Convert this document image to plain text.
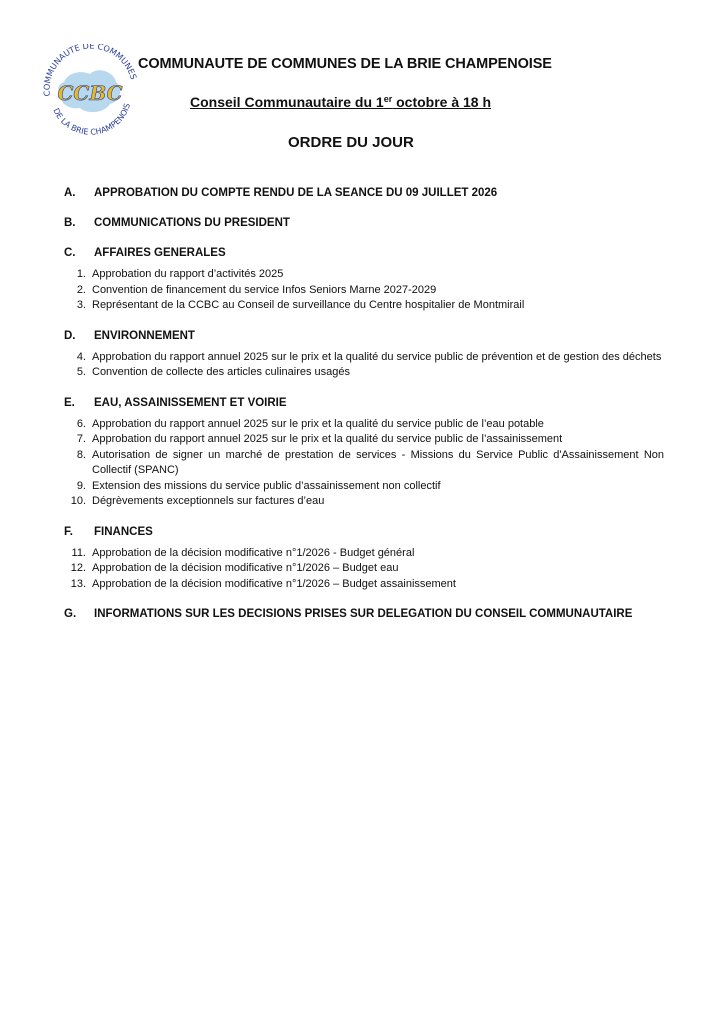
CCBC
COMMUNAUTE DE COMMUNES
DE LA BRIE CHAMPENOIS
COMMUNAUTE DE COMMUNES DE LA BRIE CHAMPENOISE
Conseil Communautaire du 1er octobre à 18 h
ORDRE DU JOUR
A.	APPROBATION DU COMPTE RENDU DE LA SEANCE DU 09 JUILLET 2026
B.	COMMUNICATIONS DU PRESIDENT
C.	AFFAIRES GENERALES
1. Approbation du rapport d’activités 2025
2. Convention de financement du service Infos Seniors Marne 2027-2029
3. Représentant de la CCBC au Conseil de surveillance du Centre hospitalier de Montmirail
D.	ENVIRONNEMENT
4. Approbation du rapport annuel 2025 sur le prix et la qualité du service public de prévention et de gestion des déchets
5. Convention de collecte des articles culinaires usagés
E.	EAU, ASSAINISSEMENT ET VOIRIE
6. Approbation du rapport annuel 2025 sur le prix et la qualité du service public de l’eau potable
7. Approbation du rapport annuel 2025 sur le prix et la qualité du service public de l’assainissement
8. Autorisation de signer un marché de prestation de services - Missions du Service Public d'Assainissement Non Collectif (SPANC)
9. Extension des missions du service public d’assainissement non collectif
10. Dégrèvements exceptionnels sur factures d’eau
F.	FINANCES
11. Approbation de la décision modificative n°1/2026 - Budget général
12. Approbation de la décision modificative n°1/2026 – Budget eau
13. Approbation de la décision modificative n°1/2026 – Budget assainissement
G.	INFORMATIONS SUR LES DECISIONS PRISES SUR DELEGATION DU CONSEIL COMMUNAUTAIRE
